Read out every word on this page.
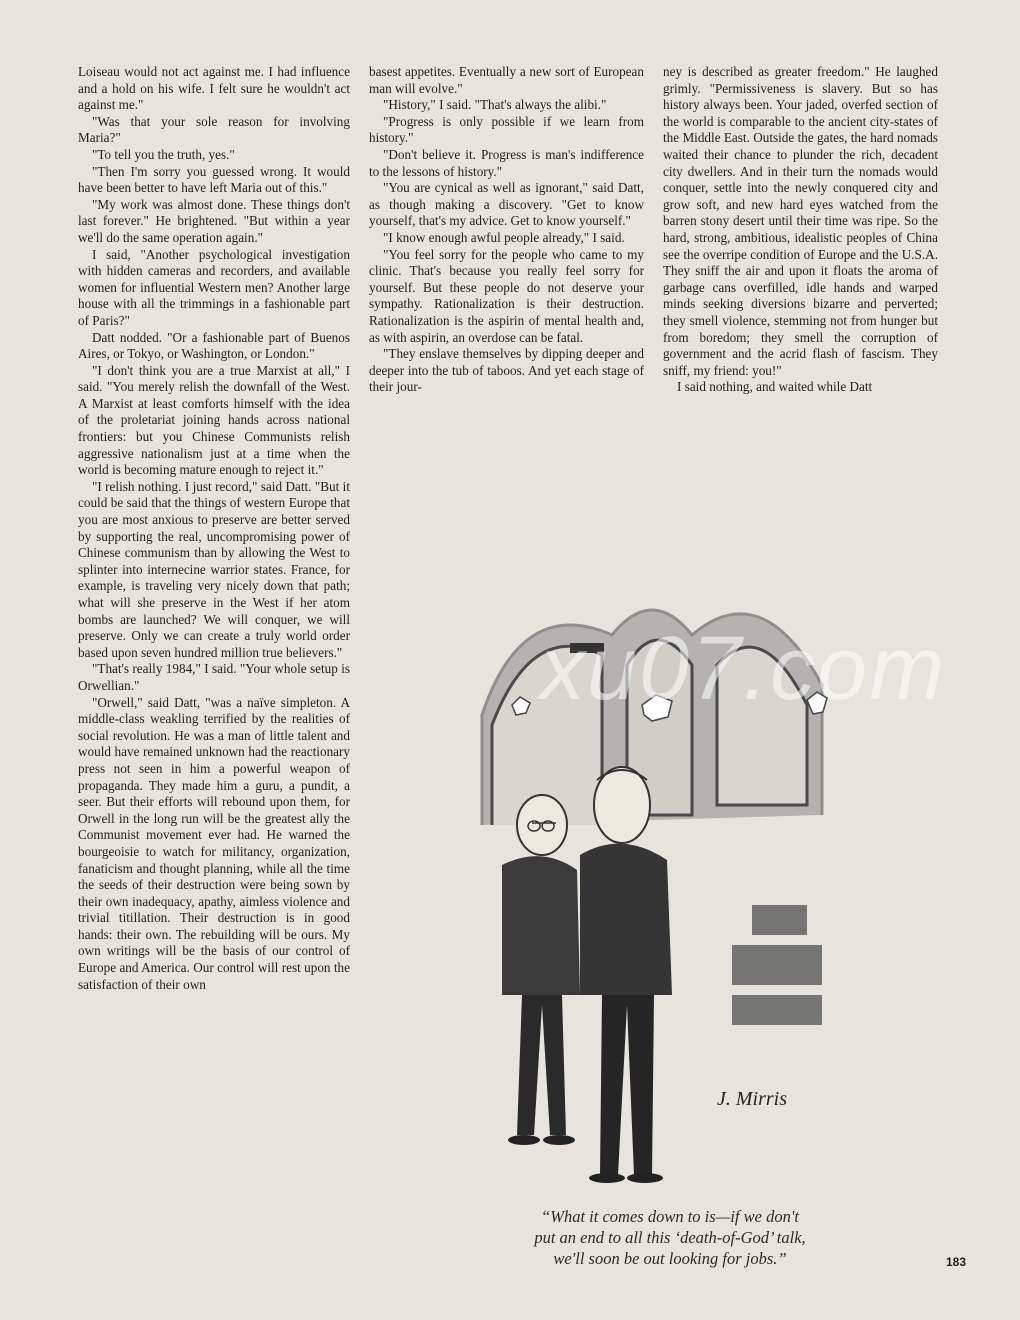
Loiseau would not act against me. I had influence and a hold on his wife. I felt sure he wouldn't act against me."

"Was that your sole reason for involving Maria?"

"To tell you the truth, yes."

"Then I'm sorry you guessed wrong. It would have been better to have left Maria out of this."

"My work was almost done. These things don't last forever." He brightened. "But within a year we'll do the same operation again."

I said, "Another psychological investigation with hidden cameras and recorders, and available women for influential Western men? Another large house with all the trimmings in a fashionable part of Paris?"

Datt nodded. "Or a fashionable part of Buenos Aires, or Tokyo, or Washington, or London."

"I don't think you are a true Marxist at all," I said. "You merely relish the downfall of the West. A Marxist at least comforts himself with the idea of the proletariat joining hands across national frontiers: but you Chinese Communists relish aggressive nationalism just at a time when the world is becoming mature enough to reject it."

"I relish nothing. I just record," said Datt. "But it could be said that the things of western Europe that you are most anxious to preserve are better served by supporting the real, uncompromising power of Chinese communism than by allowing the West to splinter into internecine warrior states. France, for example, is traveling very nicely down that path; what will she preserve in the West if her atom bombs are launched? We will conquer, we will preserve. Only we can create a truly world order based upon seven hundred million true believers."

"That's really 1984," I said. "Your whole setup is Orwellian."

"Orwell," said Datt, "was a naïve simpleton. A middle-class weakling terrified by the realities of social revolution. He was a man of little talent and would have remained unknown had the reactionary press not seen in him a powerful weapon of propaganda. They made him a guru, a pundit, a seer. But their efforts will rebound upon them, for Orwell in the long run will be the greatest ally the Communist movement ever had. He warned the bourgeoisie to watch for militancy, organization, fanaticism and thought planning, while all the time the seeds of their destruction were being sown by their own inadequacy, apathy, aimless violence and trivial titillation. Their destruction is in good hands: their own. The rebuilding will be ours. My own writings will be the basis of our control of Europe and America. Our control will rest upon the satisfaction of their own

basest appetites. Eventually a new sort of European man will evolve."

"History," I said. "That's always the alibi."

"Progress is only possible if we learn from history."

"Don't believe it. Progress is man's indifference to the lessons of history."

"You are cynical as well as ignorant," said Datt, as though making a discovery. "Get to know yourself, that's my advice. Get to know yourself."

"I know enough awful people already," I said.

"You feel sorry for the people who came to my clinic. That's because you really feel sorry for yourself. But these people do not deserve your sympathy. Rationalization is their destruction. Rationalization is the aspirin of mental health and, as with aspirin, an overdose can be fatal.

"They enslave themselves by dipping deeper and deeper into the tub of taboos. And yet each stage of their jour-

ney is described as greater freedom." He laughed grimly. "Permissiveness is slavery. But so has history always been. Your jaded, overfed section of the world is comparable to the ancient city-states of the Middle East. Outside the gates, the hard nomads waited their chance to plunder the rich, decadent city dwellers. And in their turn the nomads would conquer, settle into the newly conquered city and grow soft, and new hard eyes watched from the barren stony desert until their time was ripe. So the hard, strong, ambitious, idealistic peoples of China see the overripe condition of Europe and the U.S.A. They sniff the air and upon it floats the aroma of garbage cans overfilled, idle hands and warped minds seeking diversions bizarre and perverted; they smell violence, stemming not from hunger but from boredom; they smell the corruption of government and the acrid flash of fascism. They sniff, my friend: you!"

I said nothing, and waited while Datt

J. Mirris
xu07.com
“What it comes down to is—if we don't
put an end to all this ‘death-of-God’ talk,
we'll soon be out looking for jobs.”	183
